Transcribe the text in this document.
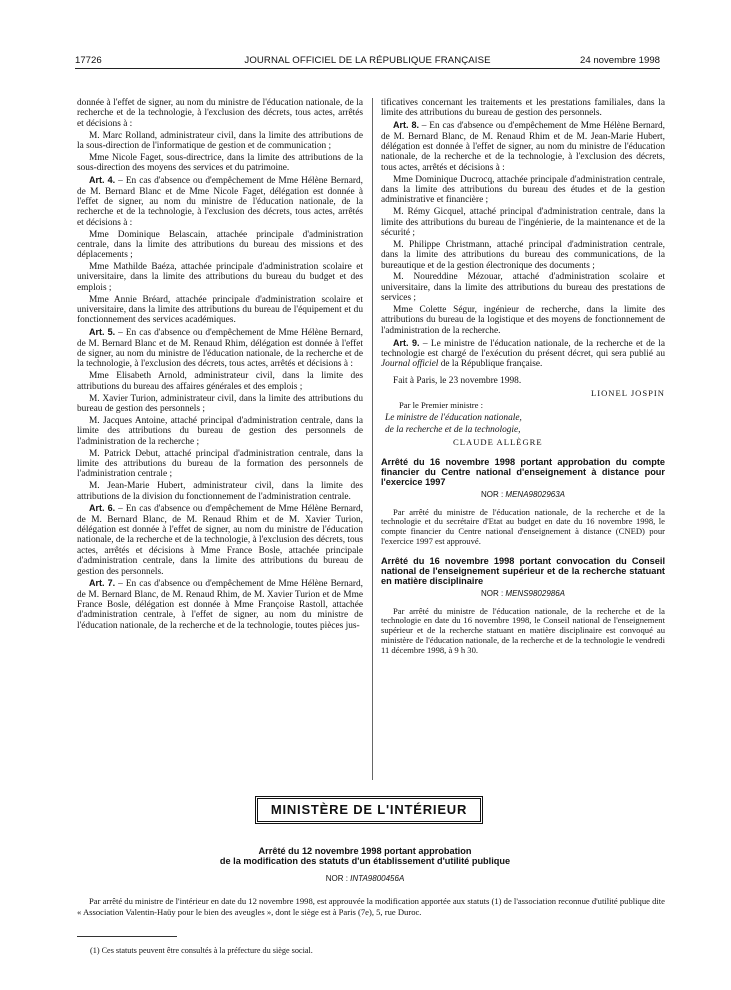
17726	JOURNAL OFFICIEL DE LA RÉPUBLIQUE FRANÇAISE	24 novembre 1998

donnée à l'effet de signer, au nom du ministre de l'éducation nationale, de la recherche et de la technologie, à l'exclusion des décrets, tous actes, arrêtés et décisions à :

M. Marc Rolland, administrateur civil, dans la limite des attributions de la sous-direction de l'informatique de gestion et de communication ;

Mme Nicole Faget, sous-directrice, dans la limite des attributions de la sous-direction des moyens des services et du patrimoine.

Art. 4. – En cas d'absence ou d'empêchement de Mme Hélène Bernard, de M. Bernard Blanc et de Mme Nicole Faget, délégation est donnée à l'effet de signer, au nom du ministre de l'éducation nationale, de la recherche et de la technologie, à l'exclusion des décrets, tous actes, arrêtés et décisions à :

Mme Dominique Belascain, attachée principale d'administration centrale, dans la limite des attributions du bureau des missions et des déplacements ;

Mme Mathilde Baéza, attachée principale d'administration scolaire et universitaire, dans la limite des attributions du bureau du budget et des emplois ;

Mme Annie Bréard, attachée principale d'administration scolaire et universitaire, dans la limite des attributions du bureau de l'équipement et du fonctionnement des services académiques.

Art. 5. – En cas d'absence ou d'empêchement de Mme Hélène Bernard, de M. Bernard Blanc et de M. Renaud Rhim, délégation est donnée à l'effet de signer, au nom du ministre de l'éducation nationale, de la recherche et de la technologie, à l'exclusion des décrets, tous actes, arrêtés et décisions à :

Mme Elisabeth Arnold, administrateur civil, dans la limite des attributions du bureau des affaires générales et des emplois ;

M. Xavier Turion, administrateur civil, dans la limite des attributions du bureau de gestion des personnels ;

M. Jacques Antoine, attaché principal d'administration centrale, dans la limite des attributions du bureau de gestion des personnels de l'administration de la recherche ;

M. Patrick Debut, attaché principal d'administration centrale, dans la limite des attributions du bureau de la formation des personnels de l'administration centrale ;

M. Jean-Marie Hubert, administrateur civil, dans la limite des attributions de la division du fonctionnement de l'administration centrale.

Art. 6. – En cas d'absence ou d'empêchement de Mme Hélène Bernard, de M. Bernard Blanc, de M. Renaud Rhim et de M. Xavier Turion, délégation est donnée à l'effet de signer, au nom du ministre de l'éducation nationale, de la recherche et de la technologie, à l'exclusion des décrets, tous actes, arrêtés et décisions à Mme France Bosle, attachée principale d'administration centrale, dans la limite des attributions du bureau de gestion des personnels.

Art. 7. – En cas d'absence ou d'empêchement de Mme Hélène Bernard, de M. Bernard Blanc, de M. Renaud Rhim, de M. Xavier Turion et de Mme France Bosle, délégation est donnée à Mme Françoise Rastoll, attachée d'administration centrale, à l'effet de signer, au nom du ministre de l'éducation nationale, de la recherche et de la technologie, toutes pièces jus-

tificatives concernant les traitements et les prestations familiales, dans la limite des attributions du bureau de gestion des personnels.

Art. 8. – En cas d'absence ou d'empêchement de Mme Hélène Bernard, de M. Bernard Blanc, de M. Renaud Rhim et de M. Jean-Marie Hubert, délégation est donnée à l'effet de signer, au nom du ministre de l'éducation nationale, de la recherche et de la technologie, à l'exclusion des décrets, tous actes, arrêtés et décisions à :

Mme Dominique Ducrocq, attachée principale d'administration centrale, dans la limite des attributions du bureau des études et de la gestion administrative et financière ;

M. Rémy Gicquel, attaché principal d'administration centrale, dans la limite des attributions du bureau de l'ingénierie, de la maintenance et de la sécurité ;

M. Philippe Christmann, attaché principal d'administration centrale, dans la limite des attributions du bureau des communications, de la bureautique et de la gestion électronique des documents ;

M. Noureddine Mézouar, attaché d'administration scolaire et universitaire, dans la limite des attributions du bureau des prestations de services ;

Mme Colette Ségur, ingénieur de recherche, dans la limite des attributions du bureau de la logistique et des moyens de fonctionnement de l'administration de la recherche.

Art. 9. – Le ministre de l'éducation nationale, de la recherche et de la technologie est chargé de l'exécution du présent décret, qui sera publié au Journal officiel de la République française.

Fait à Paris, le 23 novembre 1998.

LIONEL JOSPIN

Par le Premier ministre :

Le ministre de l'éducation nationale,

de la recherche et de la technologie,

CLAUDE ALLÈGRE

Arrêté du 16 novembre 1998 portant approbation du compte financier du Centre national d'enseignement à distance pour l'exercice 1997
NOR : MENA9802963A
Par arrêté du ministre de l'éducation nationale, de la recherche et de la technologie et du secrétaire d'Etat au budget en date du 16 novembre 1998, le compte financier du Centre national d'enseignement à distance (CNED) pour l'exercice 1997 est approuvé.
Arrêté du 16 novembre 1998 portant convocation du Conseil national de l'enseignement supérieur et de la recherche statuant en matière disciplinaire
NOR : MENS9802986A
Par arrêté du ministre de l'éducation nationale, de la recherche et de la technologie en date du 16 novembre 1998, le Conseil national de l'enseignement supérieur et de la recherche statuant en matière disciplinaire est convoqué au ministère de l'éducation nationale, de la recherche et de la technologie le vendredi 11 décembre 1998, à 9 h 30.
MINISTÈRE DE L'INTÉRIEUR
Arrêté du 12 novembre 1998 portant approbation
de la modification des statuts d'un établissement d'utilité publique
NOR : INTA9800456A
Par arrêté du ministre de l'intérieur en date du 12 novembre 1998, est approuvée la modification apportée aux statuts (1) de l'association reconnue d'utilité publique dite « Association Valentin-Haüy pour le bien des aveugles », dont le siège est à Paris (7e), 5, rue Duroc.
(1) Ces statuts peuvent être consultés à la préfecture du siège social.
